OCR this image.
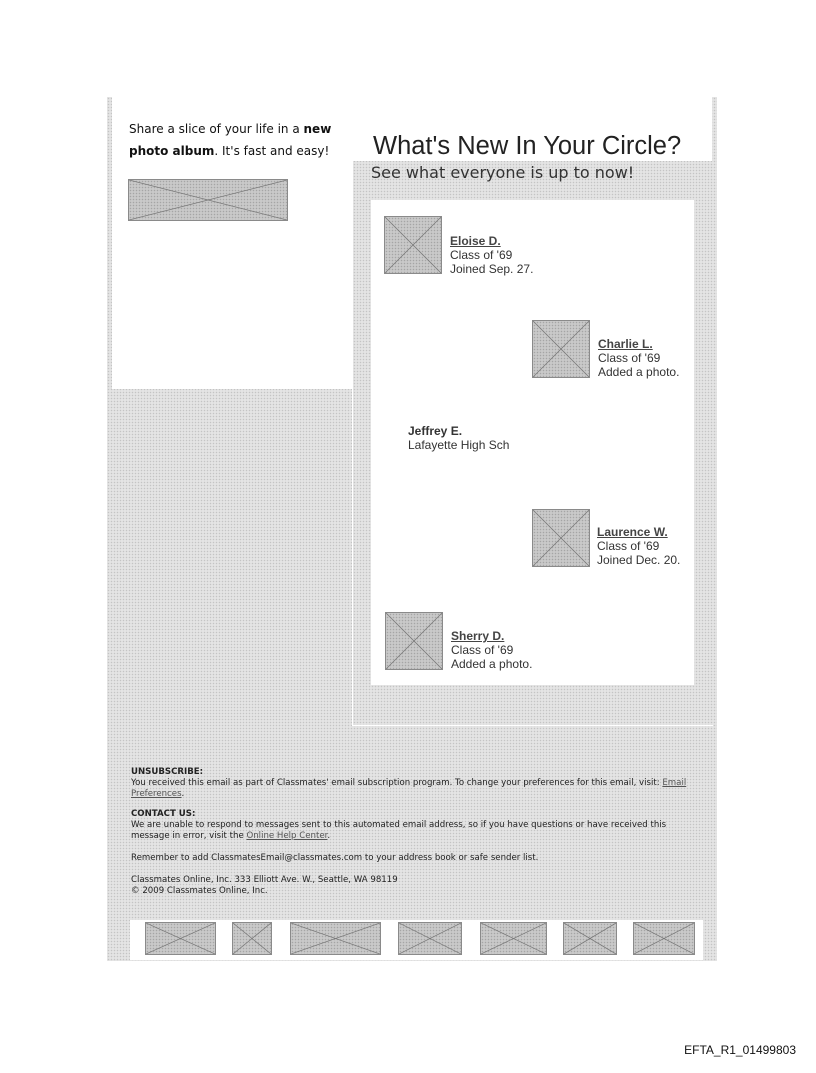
Share a slice of your life in a new photo album. It's fast and easy!	What's New In Your Circle?
See what everyone is up to now!
Eloise D.
Class of '69
Joined Sep. 27.
Charlie L.
Class of '69
Added a photo.
Jeffrey E.
Lafayette High Sch
Laurence W.
Class of '69
Joined Dec. 20.
Sherry D.
Class of '69
Added a photo.
UNSUBSCRIBE:
You received this email as part of Classmates' email subscription program. To change your preferences for this email, visit: Email Preferences.
CONTACT US:
We are unable to respond to messages sent to this automated email address, so if you have questions or have received this message in error, visit the Online Help Center.
Remember to add ClassmatesEmail@classmates.com to your address book or safe sender list.
Classmates Online, Inc. 333 Elliott Ave. W., Seattle, WA 98119
© 2009 Classmates Online, Inc.
EFTA_R1_01499803
